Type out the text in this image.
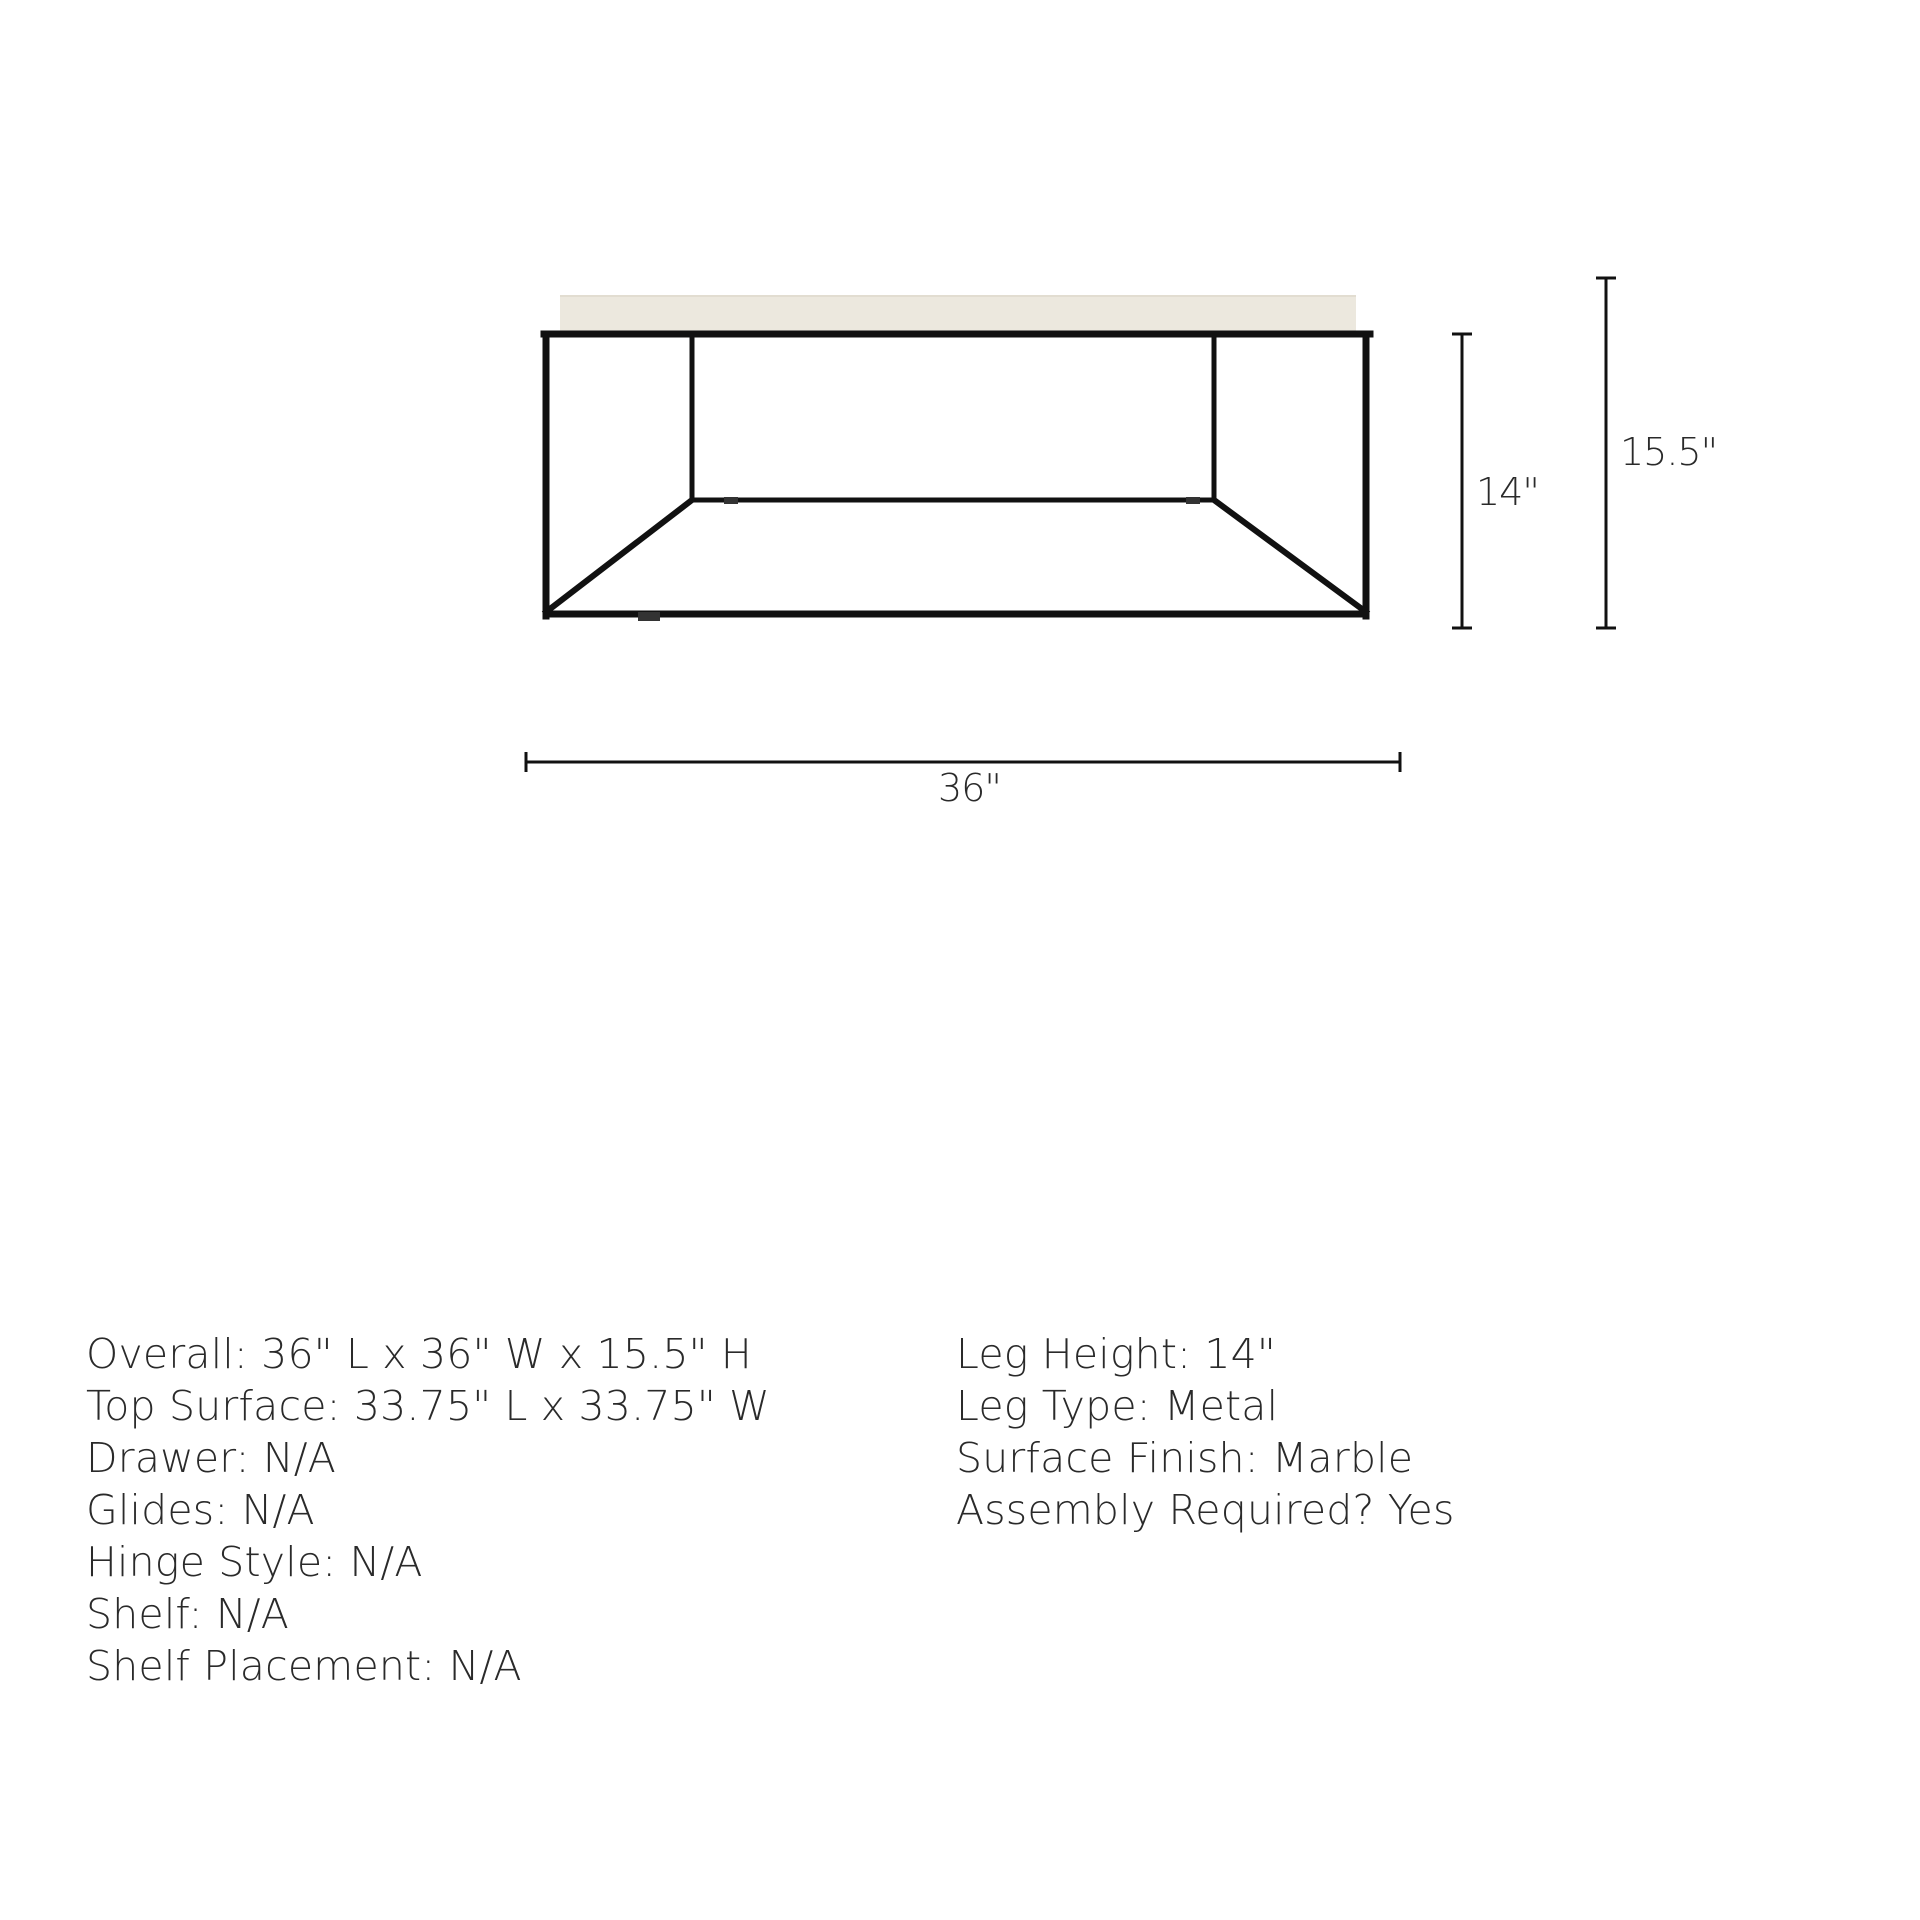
36"
14"
15.5"
Overall: 36" L x 36" W x 15.5" H
Top Surface: 33.75" L x 33.75" W
Drawer: N/A
Glides: N/A
Hinge Style: N/A
Shelf: N/A
Shelf Placement: N/A
Leg Height: 14"
Leg Type: Metal
Surface Finish: Marble
Assembly Required? Yes
